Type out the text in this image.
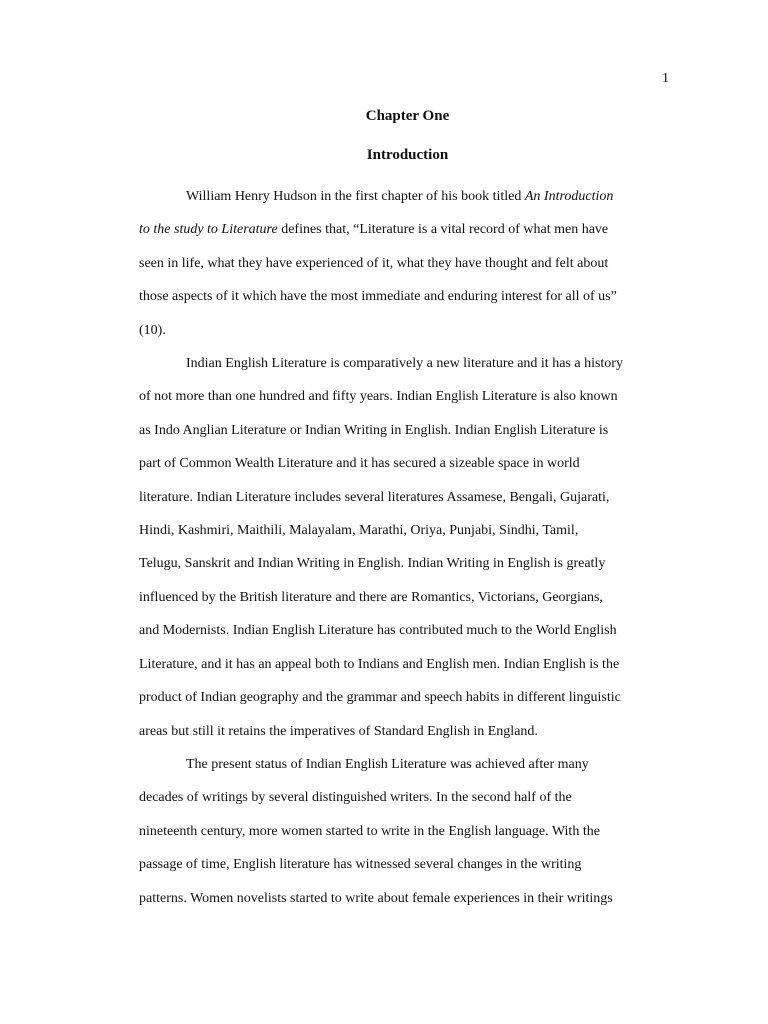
1
Chapter One
Introduction

William Henry Hudson in the first chapter of his book titled An Introduction
to the study to Literature defines that, “Literature is a vital record of what men have
seen in life, what they have experienced of it, what they have thought and felt about
those aspects of it which have the most immediate and enduring interest for all of us”
(10).

Indian English Literature is comparatively a new literature and it has a history
of not more than one hundred and fifty years. Indian English Literature is also known
as Indo Anglian Literature or Indian Writing in English. Indian English Literature is
part of Common Wealth Literature and it has secured a sizeable space in world
literature. Indian Literature includes several literatures Assamese, Bengali, Gujarati,
Hindi, Kashmiri, Maithili, Malayalam, Marathi, Oriya, Punjabi, Sindhi, Tamil,
Telugu, Sanskrit and Indian Writing in English. Indian Writing in English is greatly
influenced by the British literature and there are Romantics, Victorians, Georgians,
and Modernists. Indian English Literature has contributed much to the World English
Literature, and it has an appeal both to Indians and English men. Indian English is the
product of Indian geography and the grammar and speech habits in different linguistic
areas but still it retains the imperatives of Standard English in England.

The present status of Indian English Literature was achieved after many
decades of writings by several distinguished writers. In the second half of the
nineteenth century, more women started to write in the English language. With the
passage of time, English literature has witnessed several changes in the writing
patterns. Women novelists started to write about female experiences in their writings
